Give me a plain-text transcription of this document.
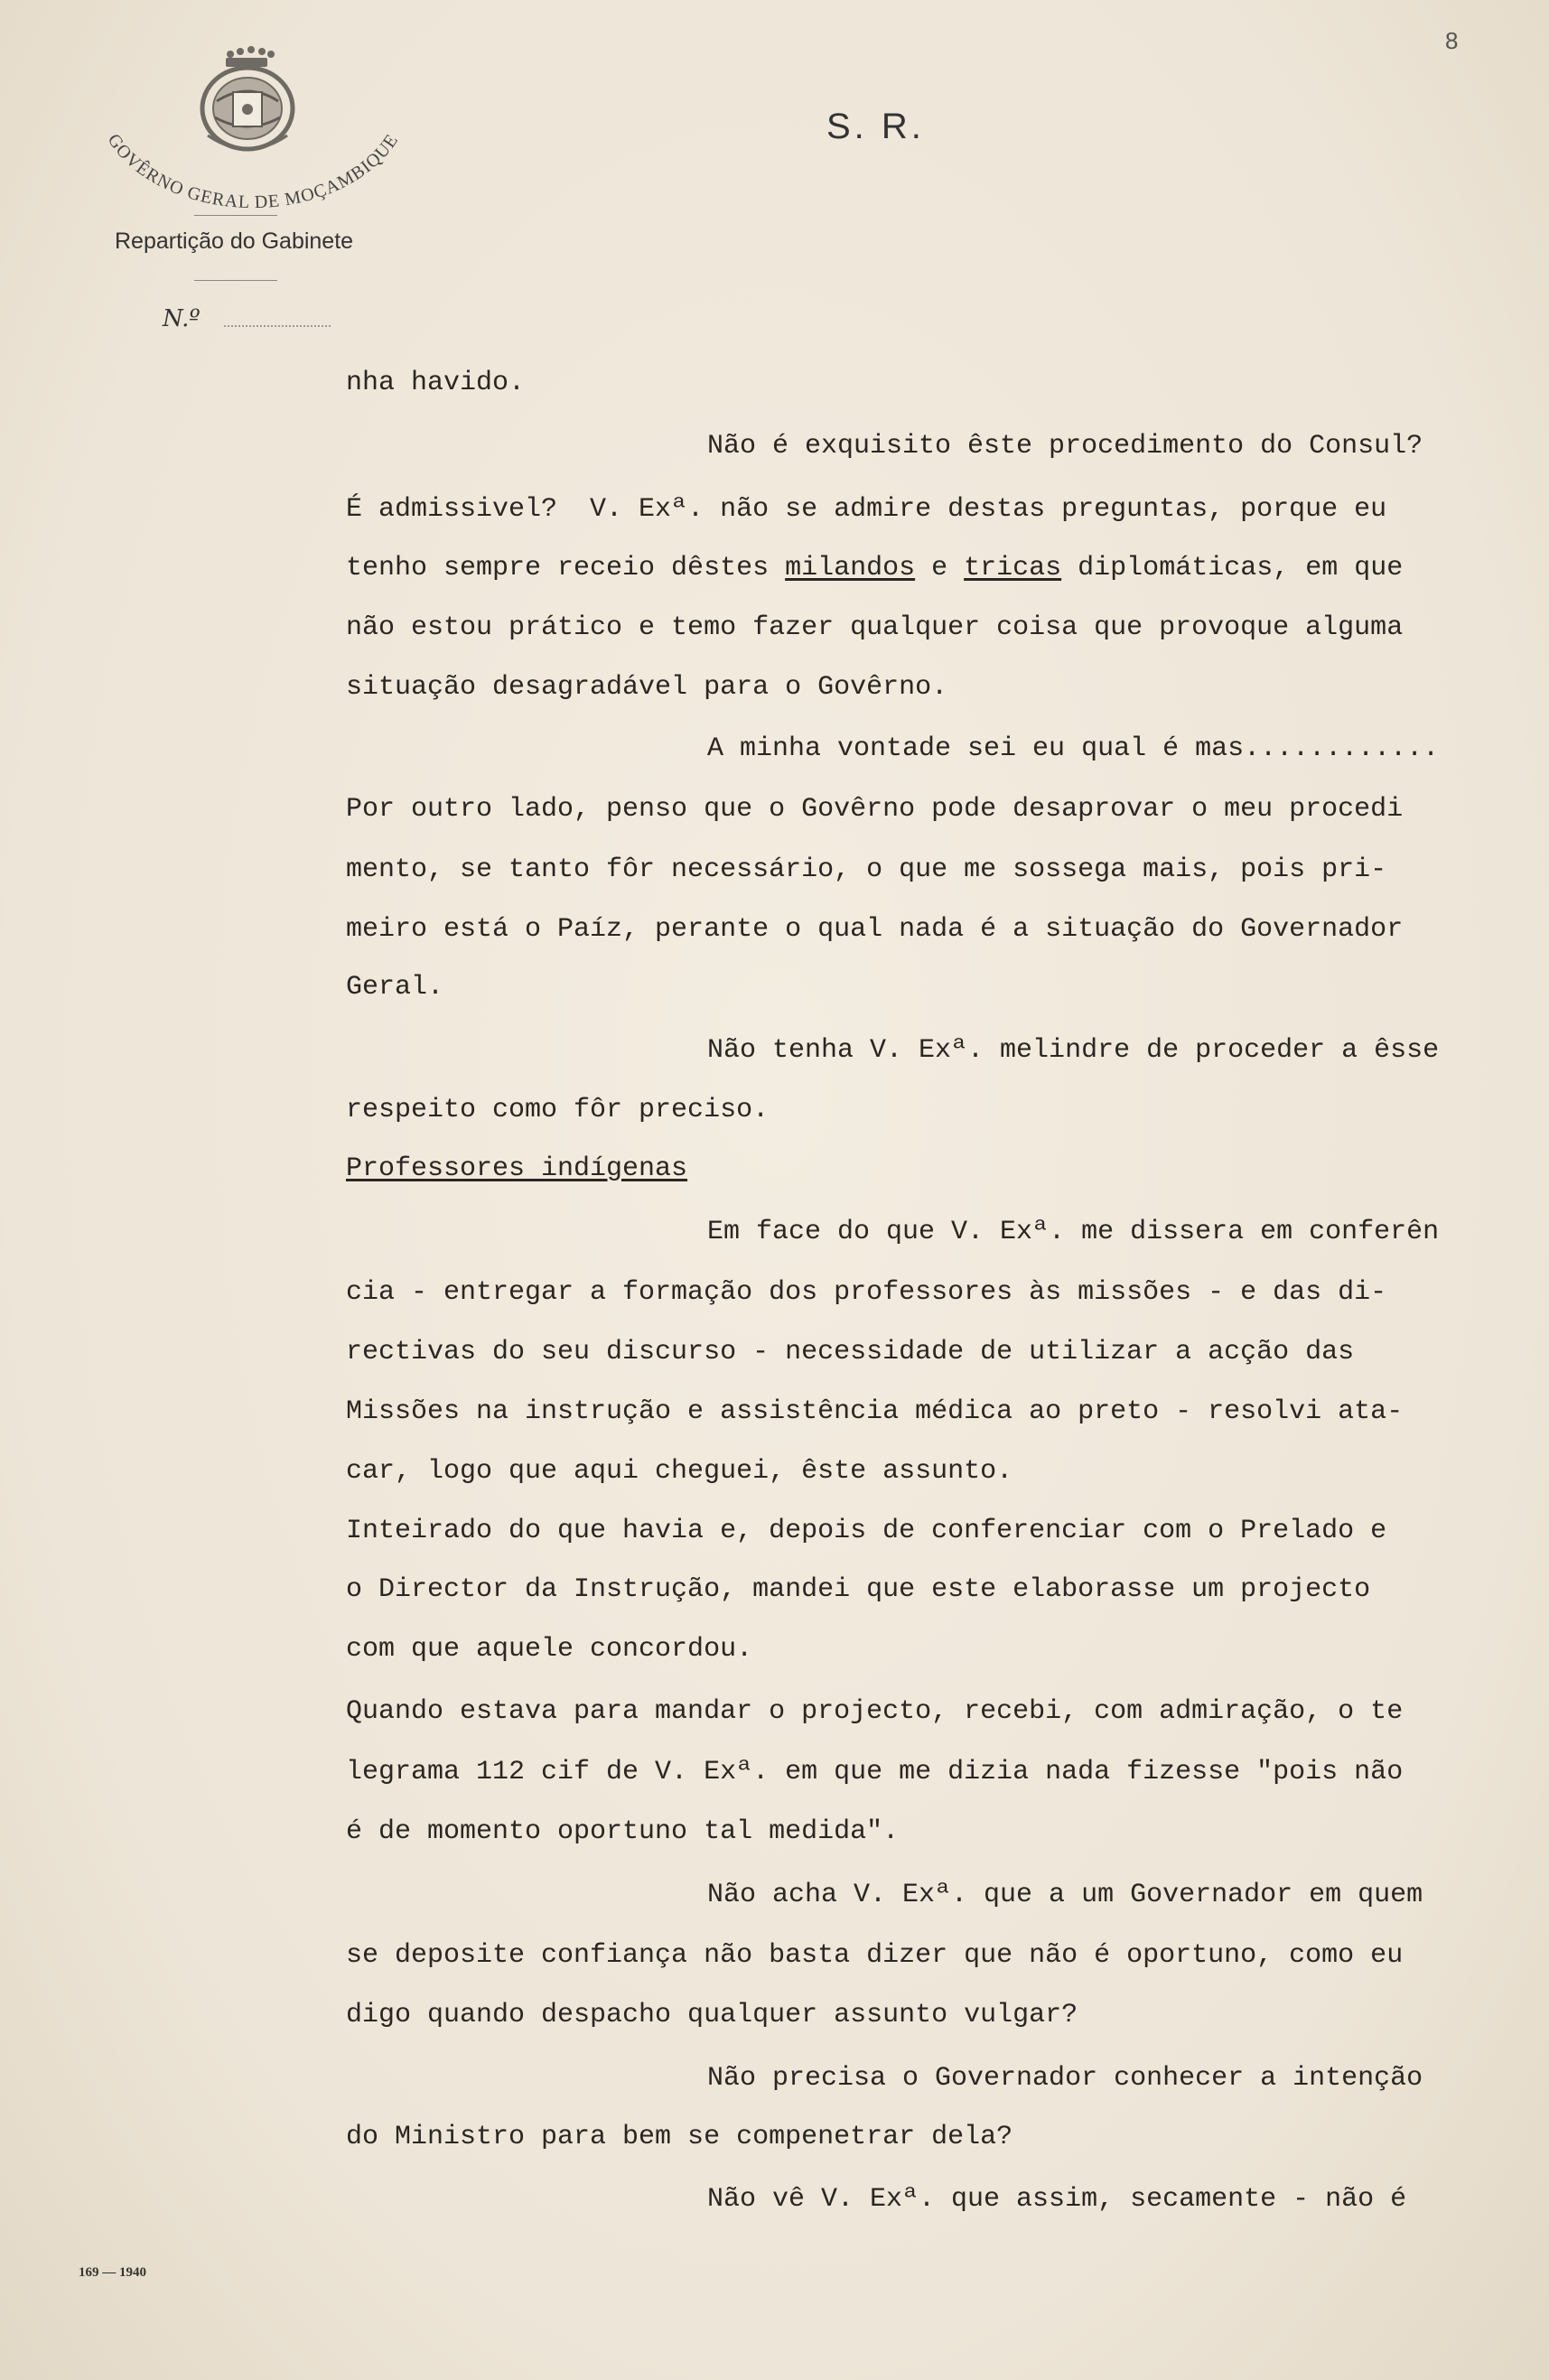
8
GOVÊRNO GERAL DE MOÇAMBIQUE	S. R.
Repartição do Gabinete
N.º
nha havido.
Não é exquisito êste procedimento do Consul?
É admissivel?  V. Exª. não se admire destas preguntas, porque eu
tenho sempre receio dêstes milandos e tricas diplomáticas, em que
não estou prático e temo fazer qualquer coisa que provoque alguma
situação desagradável para o Govêrno.
A minha vontade sei eu qual é mas............
Por outro lado, penso que o Govêrno pode desaprovar o meu procedi
mento, se tanto fôr necessário, o que me sossega mais, pois pri-
meiro está o Paíz, perante o qual nada é a situação do Governador
Geral.
Não tenha V. Exª. melindre de proceder a êsse
respeito como fôr preciso.
Professores indígenas
Em face do que V. Exª. me dissera em conferên
cia - entregar a formação dos professores às missões - e das di-
rectivas do seu discurso - necessidade de utilizar a acção das
Missões na instrução e assistência médica ao preto - resolvi ata-
car, logo que aqui cheguei, êste assunto.
Inteirado do que havia e, depois de conferenciar com o Prelado e
o Director da Instrução, mandei que este elaborasse um projecto
com que aquele concordou.
Quando estava para mandar o projecto, recebi, com admiração, o te
legrama 112 cif de V. Exª. em que me dizia nada fizesse "pois não
é de momento oportuno tal medida".
Não acha V. Exª. que a um Governador em quem
se deposite confiança não basta dizer que não é oportuno, como eu
digo quando despacho qualquer assunto vulgar?
Não precisa o Governador conhecer a intenção
do Ministro para bem se compenetrar dela?
Não vê V. Exª. que assim, secamente - não é
169 — 1940
